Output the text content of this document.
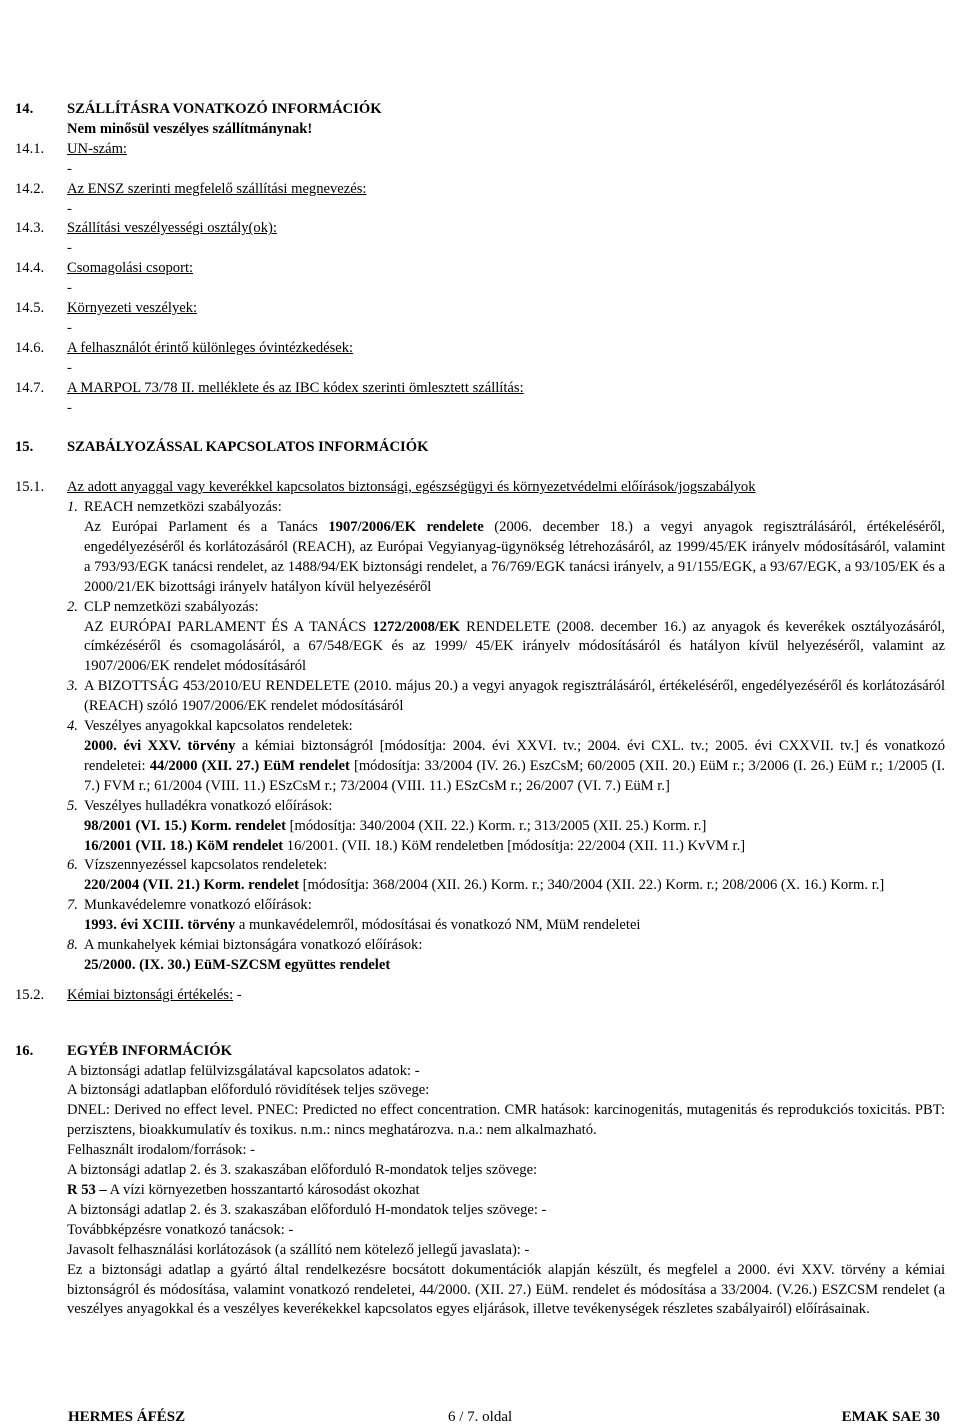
Elkészítés időpontja: 2010. február 3.
Felülvizsgálat időpontja: 2012. december 4.
Verziószám: 2
http://www.biztonsagiadatlap.hu
14. SZÁLLÍTÁSRA VONATKOZÓ INFORMÁCIÓK
Nem minősül veszélyes szállítmánynak!
14.1. UN-szám:
-
14.2. Az ENSZ szerinti megfelelő szállítási megnevezés:
-
14.3. Szállítási veszélyességi osztály(ok):
-
14.4. Csomagolási csoport:
-
14.5. Környezeti veszélyek:
-
14.6. A felhasználót érintő különleges óvintézkedések:
-
14.7. A MARPOL 73/78 II. melléklete és az IBC kódex szerinti ömlesztett szállítás:
-
15. SZABÁLYOZÁSSAL KAPCSOLATOS INFORMÁCIÓK
15.1. Az adott anyaggal vagy keverékkel kapcsolatos biztonsági, egészségügyi és környezetvédelmi előírások/jogszabályok
1. REACH nemzetközi szabályozás:
Az Európai Parlament és a Tanács 1907/2006/EK rendelete (2006. december 18.) a vegyi anyagok regisztrálásáról, értékeléséről, engedélyezéséről és korlátozásáról (REACH), az Európai Vegyianyag-ügynökség létrehozásáról, az 1999/45/EK irányelv módosításáról, valamint a 793/93/EGK tanácsi rendelet, az 1488/94/EK biztonsági rendelet, a 76/769/EGK tanácsi irányelv, a 91/155/EGK, a 93/67/EGK, a 93/105/EK és a 2000/21/EK bizottsági irányelv hatályon kívül helyezéséről
2. CLP nemzetközi szabályozás:
AZ EURÓPAI PARLAMENT ÉS A TANÁCS 1272/2008/EK RENDELETE (2008. december 16.) az anyagok és keverékek osztályozásáról, címkézéséről és csomagolásáról, a 67/548/EGK és az 1999/ 45/EK irányelv módosításáról és hatályon kívül helyezéséről, valamint az 1907/2006/EK rendelet módosításáról
3. A BIZOTTSÁG 453/2010/EU RENDELETE (2010. május 20.) a vegyi anyagok regisztrálásáról, értékeléséről, engedélyezéséről és korlátozásáról (REACH) szóló 1907/2006/EK rendelet módosításáról
4. Veszélyes anyagokkal kapcsolatos rendeletek:
2000. évi XXV. törvény a kémiai biztonságról [módosítja: 2004. évi XXVI. tv.; 2004. évi CXL. tv.; 2005. évi CXXVII. tv.] és vonatkozó rendeletei: 44/2000 (XII. 27.) EüM rendelet [módosítja: 33/2004 (IV. 26.) EszCsM; 60/2005 (XII. 20.) EüM r.; 3/2006 (I. 26.) EüM r.; 1/2005 (I. 7.) FVM r.; 61/2004 (VIII. 11.) ESzCsM r.; 73/2004 (VIII. 11.) ESzCsM r.; 26/2007 (VI. 7.) EüM r.]
5. Veszélyes hulladékra vonatkozó előírások:
98/2001 (VI. 15.) Korm. rendelet [módosítja: 340/2004 (XII. 22.) Korm. r.; 313/2005 (XII. 25.) Korm. r.]
16/2001 (VII. 18.) KöM rendelet 16/2001. (VII. 18.) KöM rendeletben [módosítja: 22/2004 (XII. 11.) KvVM r.]
6. Vízszennyezéssel kapcsolatos rendeletek:
220/2004 (VII. 21.) Korm. rendelet [módosítja: 368/2004 (XII. 26.) Korm. r.; 340/2004 (XII. 22.) Korm. r.; 208/2006 (X. 16.) Korm. r.]
7. Munkavédelemre vonatkozó előírások:
1993. évi XCIII. törvény a munkavédelemről, módosításai és vonatkozó NM, MüM rendeletei
8. A munkahelyek kémiai biztonságára vonatkozó előírások:
25/2000. (IX. 30.) EüM-SZCSM együttes rendelet
15.2. Kémiai biztonsági értékelés: -
16. EGYÉB INFORMÁCIÓK
A biztonsági adatlap felülvizsgálatával kapcsolatos adatok: -
A biztonsági adatlapban előforduló rövidítések teljes szövege:
DNEL: Derived no effect level. PNEC: Predicted no effect concentration. CMR hatások: karcinogenitás, mutagenitás és reprodukciós toxicitás. PBT: perzisztens, bioakkumulatív és toxikus. n.m.: nincs meghatározva. n.a.: nem alkalmazható.
Felhasznált irodalom/források: -
A biztonsági adatlap 2. és 3. szakaszában előforduló R-mondatok teljes szövege:
R 53 – A vízi környezetben hosszantartó károsodást okozhat
A biztonsági adatlap 2. és 3. szakaszában előforduló H-mondatok teljes szövege: -
Továbbképzésre vonatkozó tanácsok: -
Javasolt felhasználási korlátozások (a szállító nem kötelező jellegű javaslata): -
Ez a biztonsági adatlap a gyártó által rendelkezésre bocsátott dokumentációk alapján készült, és megfelel a 2000. évi XXV. törvény a kémiai biztonságról és módosítása, valamint vonatkozó rendeletei, 44/2000. (XII. 27.) EüM. rendelet és módosítása a 33/2004. (V.26.) ESZCSM rendelet (a veszélyes anyagokkal és a veszélyes keverékekkel kapcsolatos egyes eljárások, illetve tevékenységek részletes szabályairól) előírásainak.
HERMES ÁFÉSZ	6 / 7. oldal	EMAK SAE 30
